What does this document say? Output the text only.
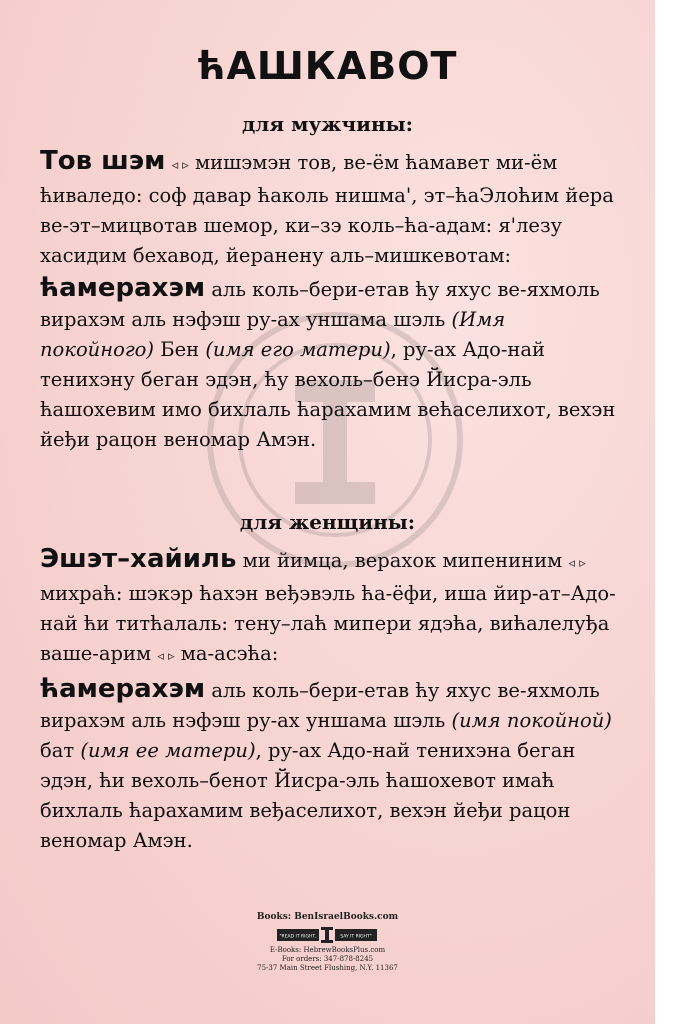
ћАШКАВОТ
для мужчины:

Тов шэм ◃ ▹ мишэмэн тов, ве-ём ћамавет ми-ём ћиваледо: соф давар ћаколь нишма', эт–ћаЭлоћим йера ве-эт–мицвотав шемор, ки–зэ коль–ћа-адам: я'лезу хасидим бехавод, йеранену аль–мишкевотам:

ћамерахэм аль коль–бери-етав ћу яхус ве-яхмоль вирахэм аль нэфэш ру-ах уншама шэль (Имя покойного) Бен (имя его матери), ру-ах Адо-най тенихэну беган эдэн, ћу вехоль–бенэ Йисра-эль ћашохевим имо бихлаль ћарахамим већаселихот, вехэн йеђи рацон веномар Амэн.

для женщины:

Эшэт–хайиль ми йимца, верахок мипениним ◃ ▹ михраћ: шэкэр ћахэн веђэвэль ћа-ёфи, иша йир-ат–Адо-най ћи титћалаль: тену–лаћ мипери ядэћа, вићалелуђа ваше-арим ◃ ▹ ма-асэћа:

ћамерахэм аль коль–бери-етав ћу яхус ве-яхмоль вирахэм аль нэфэш ру-ах уншама шэль (имя покойной) бат (имя ее матери), ру-ах Адо-най тенихэна беган эдэн, ћи вехоль–бенот Йисра-эль ћашохевот имаћ бихлаль ћарахамим веђаселихот, вехэн йеђи рацон веномар Амэн.

Books: BenIsraelBooks.com
"READ IT RIGHT,	SAY IT RIGHT"
E-Books: HebrewBooksPlus.com
For orders: 347-878-8245
75-37 Main Street Flushing, N.Y. 11367
